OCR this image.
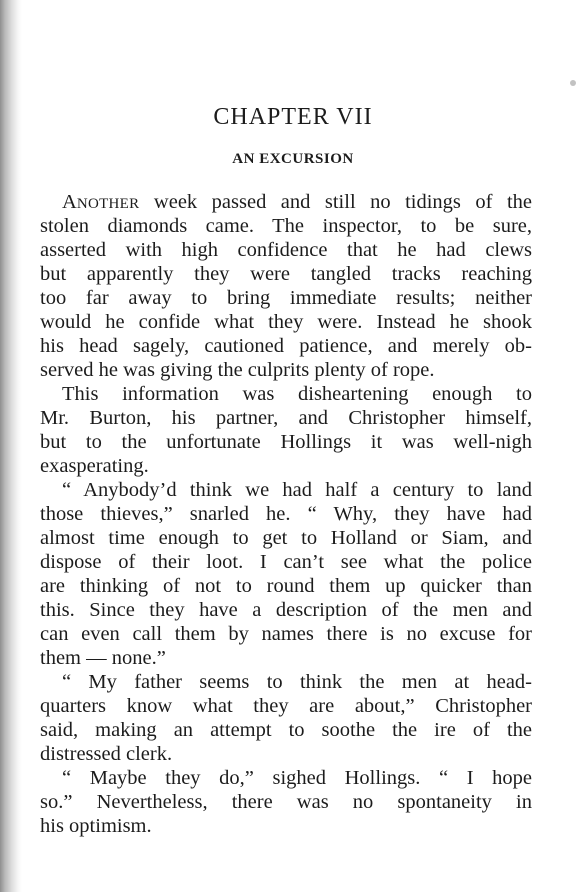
CHAPTER VII
AN EXCURSION
ANOTHER week passed and still no tidings of the
stolen diamonds came. The inspector, to be sure,
asserted with high confidence that he had clews
but apparently they were tangled tracks reaching
too far away to bring immediate results; neither
would he confide what they were. Instead he shook
his head sagely, cautioned patience, and merely ob-
served he was giving the culprits plenty of rope.
This information was disheartening enough to
Mr. Burton, his partner, and Christopher himself,
but to the unfortunate Hollings it was well-nigh
exasperating.
“ Anybody’d think we had half a century to land
those thieves,” snarled he. “ Why, they have had
almost time enough to get to Holland or Siam, and
dispose of their loot. I can’t see what the police
are thinking of not to round them up quicker than
this. Since they have a description of the men and
can even call them by names there is no excuse for
them — none.”
“ My father seems to think the men at head-
quarters know what they are about,” Christopher
said, making an attempt to soothe the ire of the
distressed clerk.
“ Maybe they do,” sighed Hollings. “ I hope
so.” Nevertheless, there was no spontaneity in
his optimism.
